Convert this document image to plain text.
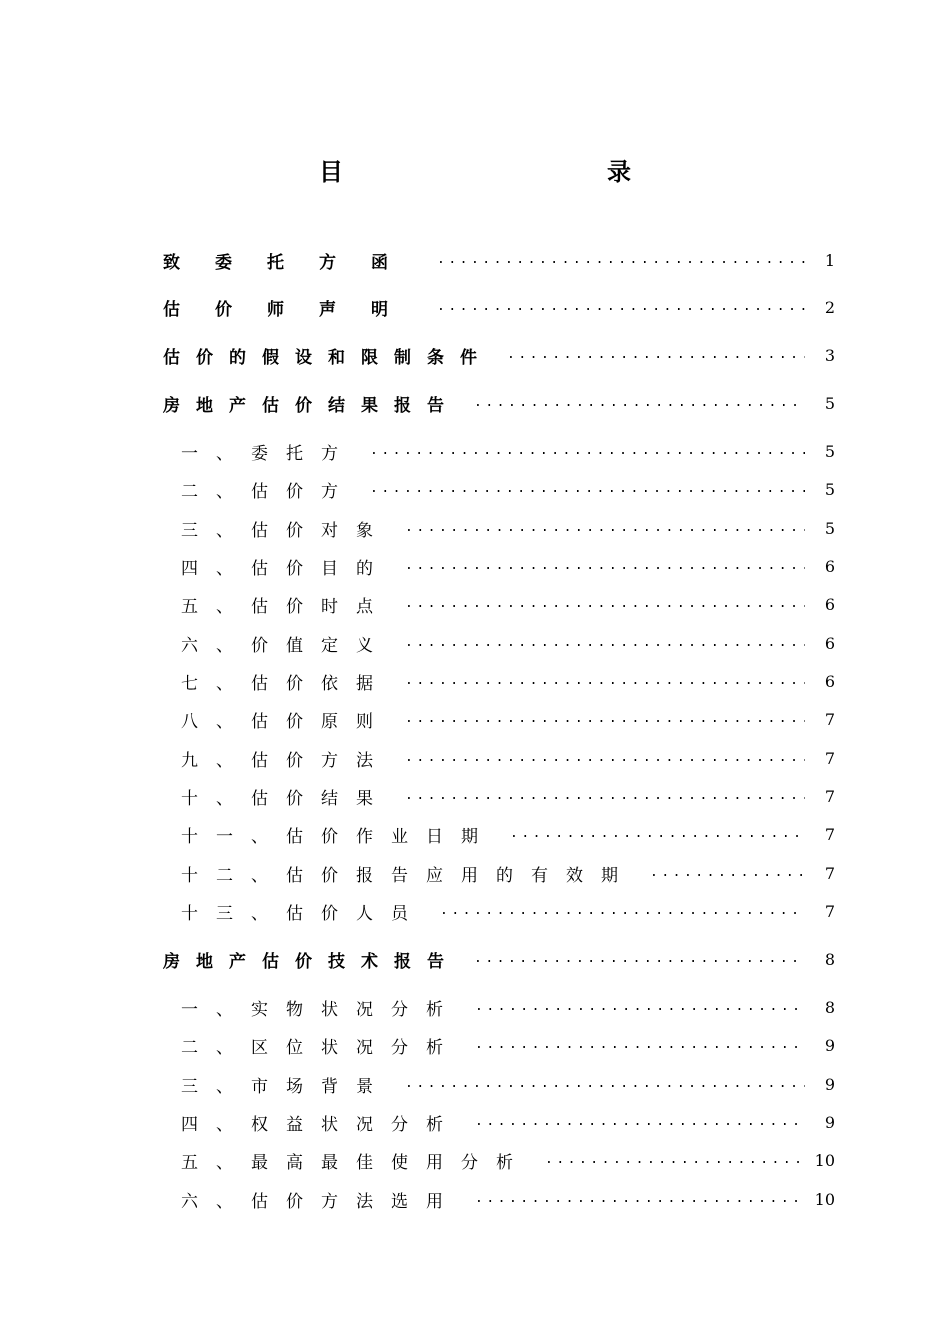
目　　录
致委托方函 .....	1
估价师声明 .....	2
估价的假设和限制条件 .....	3
房地产估价结果报告 .....	5
一、委托方 .....	5
二、估价方 .....	5
三、估价对象 .....	5
四、估价目的 .....	6
五、估价时点 .....	6
六、价值定义 .....	6
七、估价依据 .....	6
八、估价原则 .....	7
九、估价方法 .....	7
十、估价结果 .....	7
十一、估价作业日期 .....	7
十二、估价报告应用的有效期 .....	7
十三、估价人员 .....	7
房地产估价技术报告 .....	8
一、实物状况分析 .....	8
二、区位状况分析 .....	9
三、市场背景 .....	9
四、权益状况分析 .....	9
五、最高最佳使用分析 .....	10
六、估价方法选用 .....	10
